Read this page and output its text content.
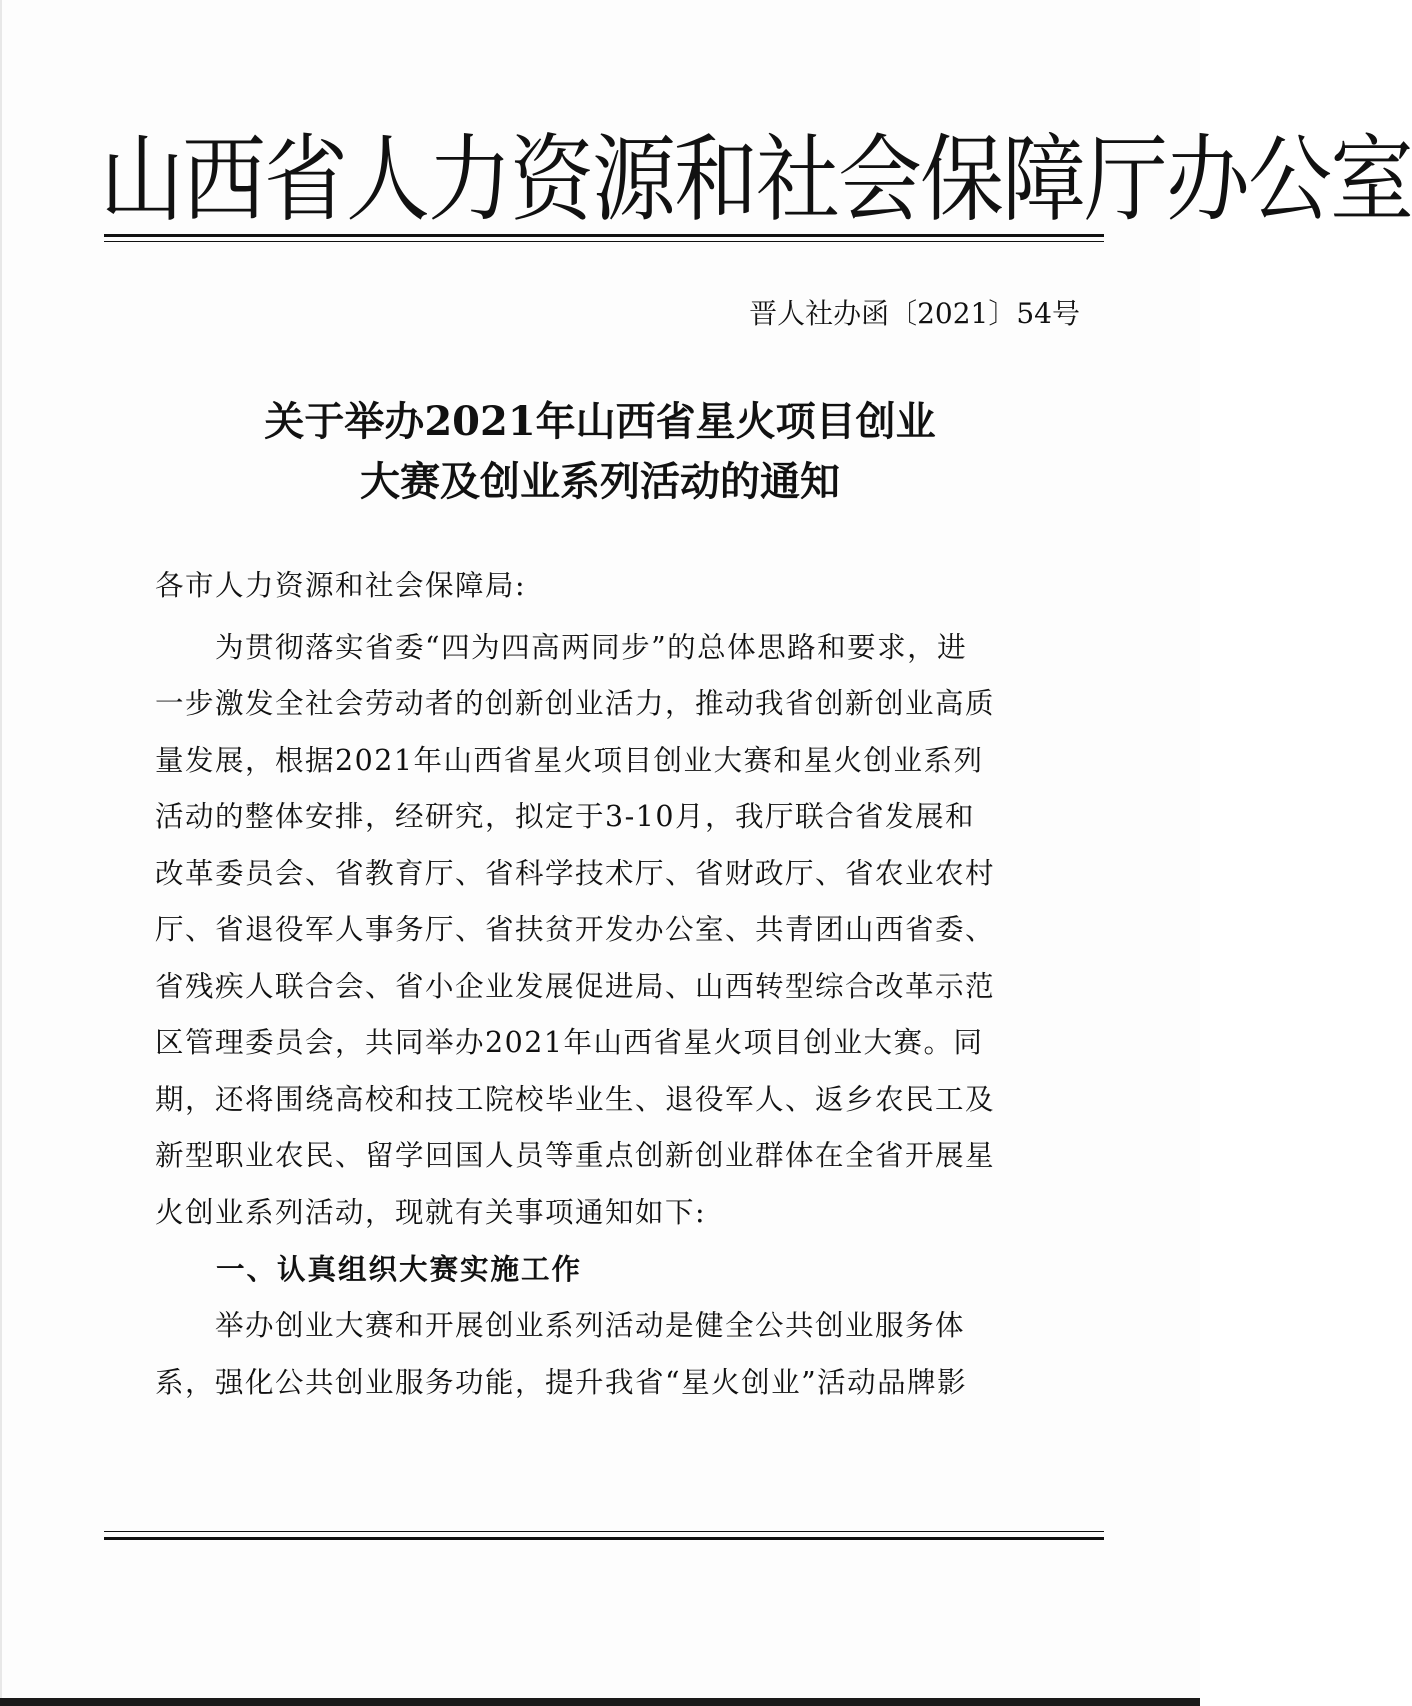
山西省人力资源和社会保障厅办公室
晋人社办函〔2021〕54号
关于举办2021年山西省星火项目创业
大赛及创业系列活动的通知
各市人力资源和社会保障局:
　　为贯彻落实省委“四为四高两同步”的总体思路和要求，进
一步激发全社会劳动者的创新创业活力，推动我省创新创业高质
量发展，根据2021年山西省星火项目创业大赛和星火创业系列
活动的整体安排，经研究，拟定于3-10月，我厅联合省发展和
改革委员会、省教育厅、省科学技术厅、省财政厅、省农业农村
厅、省退役军人事务厅、省扶贫开发办公室、共青团山西省委、
省残疾人联合会、省小企业发展促进局、山西转型综合改革示范
区管理委员会，共同举办2021年山西省星火项目创业大赛。同
期，还将围绕高校和技工院校毕业生、退役军人、返乡农民工及
新型职业农民、留学回国人员等重点创新创业群体在全省开展星
火创业系列活动，现就有关事项通知如下:
　　一、认真组织大赛实施工作
　　举办创业大赛和开展创业系列活动是健全公共创业服务体
系，强化公共创业服务功能，提升我省“星火创业”活动品牌影
